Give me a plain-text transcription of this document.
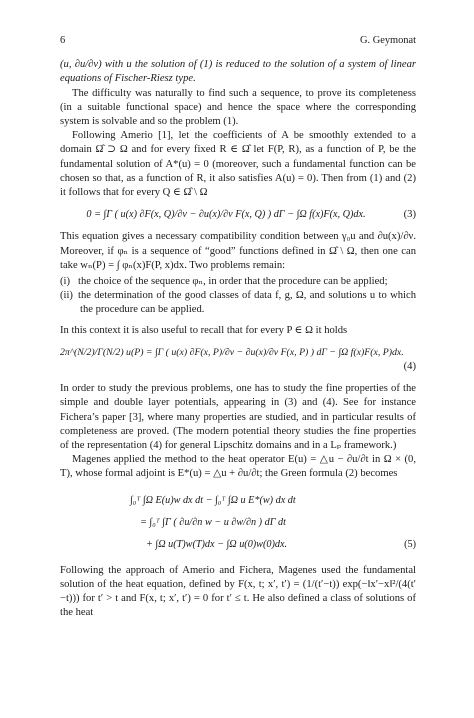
6	G. Geymonat

(u, ∂u/∂ν) with u the solution of (1) is reduced to the solution of a system of linear equations of Fischer-Riesz type.

The difficulty was naturally to find such a sequence, to prove its completeness (in a suitable functional space) and hence the space where the corresponding system is solvable and so the problem (1).

Following Amerio [1], let the coefficients of A be smoothly extended to a domain Ω̂ ⊃ Ω and for every fixed R ∈ Ω̂ let F(P, R), as a function of P, be the fundamental solution of A*(u) = 0 (moreover, such a fundamental function can be chosen so that, as a function of R, it also satisfies A(u) = 0). Then from (1) and (2) it follows that for every Q ∈ Ω̂ \ Ω

0 = ∫Γ ( u(x) ∂F(x, Q)/∂ν − ∂u(x)/∂ν F(x, Q) ) dΓ − ∫Ω f(x)F(x, Q)dx.	(3)

This equation gives a necessary compatibility condition between γ₀u and ∂u(x)/∂ν. Moreover, if φₙ is a sequence of “good” functions defined in Ω̂ \ Ω, then one can take wₙ(P) = ∫ φₙ(x)F(P, x)dx. Two problems remain:

(i) the choice of the sequence φₙ, in order that the procedure can be applied;
(ii) the determination of the good classes of data f, g, Ω, and solutions u to which the procedure can be applied.

In this context it is also useful to recall that for every P ∈ Ω it holds

2π^(N/2)/Γ(N/2) u(P) = ∫Γ ( u(x) ∂F(x, P)/∂ν − ∂u(x)/∂ν F(x, P) ) dΓ − ∫Ω f(x)F(x, P)dx.
(4)

In order to study the previous problems, one has to study the fine properties of the simple and double layer potentials, appearing in (3) and (4). See for instance Fichera’s paper [3], where many properties are studied, and in particular results of completeness are proved. (The modern potential theory studies the fine properties of the representation (4) for general Lipschitz domains and in a Lₚ framework.)

Magenes applied the method to the heat operator E(u) = △u − ∂u/∂t in Ω × (0, T), whose formal adjoint is E*(u) = △u + ∂u/∂t; the Green formula (2) becomes

∫₀ᵀ ∫Ω E(u)w dx dt − ∫₀ᵀ ∫Ω u E*(w) dx dt
= ∫₀ᵀ ∫Γ ( ∂u/∂n w − u ∂w/∂n ) dΓ dt
+ ∫Ω u(T)w(T)dx − ∫Ω u(0)w(0)dx.	(5)

Following the approach of Amerio and Fichera, Magenes used the fundamental solution of the heat equation, defined by F(x, t; x′, t′) = (1/(t′−t)) exp(−‖x′−x‖²/(4(t′−t))) for t′ > t and F(x, t; x′, t′) = 0 for t′ ≤ t. He also defined a class of solutions of the heat
